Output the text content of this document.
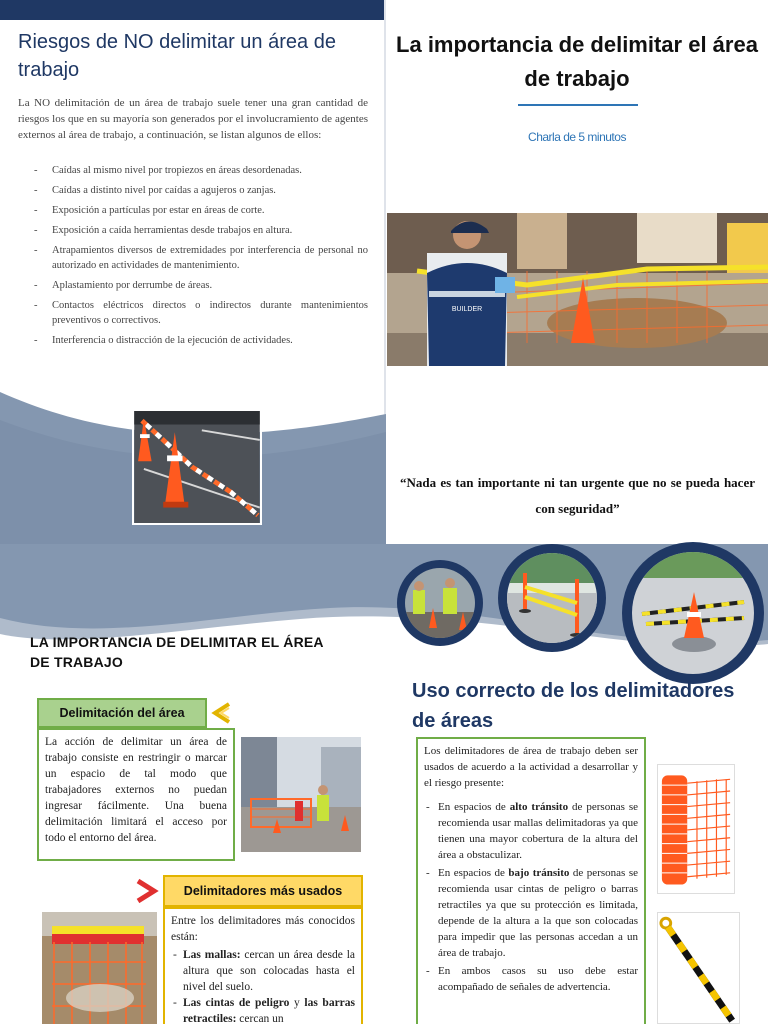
Riesgos de NO delimitar un área de trabajo

La NO delimitación de un área de trabajo suele tener una gran cantidad de riesgos los que en su mayoría son generados por el involucramiento de agentes externos al área de trabajo, a continuación, se listan algunos de ellos:

- Caídas al mismo nivel por tropiezos en áreas desordenadas.
- Caídas a distinto nivel por caídas a agujeros o zanjas.
- Exposición a partículas por estar en áreas de corte.
- Exposición a caída herramientas desde trabajos en altura.
- Atrapamientos diversos de extremidades por interferencia de personal no autorizado en actividades de mantenimiento.
- Aplastamiento por derrumbe de áreas.
- Contactos eléctricos directos o indirectos durante mantenimientos preventivos o correctivos.
- Interferencia o distracción de la ejecución de actividades.
La importancia de delimitar el área de trabajo
Charla de 5 minutos
BUILDER

“Nada es tan importante ni tan urgente que no se pueda hacer con seguridad”

LA IMPORTANCIA DE DELIMITAR EL ÁREA DE TRABAJO
Delimitación del área
La acción de delimitar un área de trabajo consiste en restringir o marcar un espacio de tal modo que trabajadores externos no puedan ingresar fácilmente. Una buena delimitación limitará el acceso por todo el entorno del área.
Delimitadores más usados

Entre los delimitadores más conocidos están:

- Las mallas: cercan un área desde la altura que son colocadas hasta el nivel del suelo.
- Las cintas de peligro y las barras retractiles: cercan un
Uso correcto de los delimitadores de áreas

Los delimitadores de área de trabajo deben ser usados de acuerdo a la actividad a desarrollar y el riesgo presente:

- En espacios de alto tránsito de personas se recomienda usar mallas delimitadoras ya que tienen una mayor cobertura de la altura del área a obstaculizar.
- En espacios de bajo tránsito de personas se recomienda usar cintas de peligro o barras retractiles ya que su protección es limitada, depende de la altura a la que son colocadas para impedir que las personas accedan a un área de trabajo.
- En ambos casos su uso debe estar acompañado de señales de advertencia.
